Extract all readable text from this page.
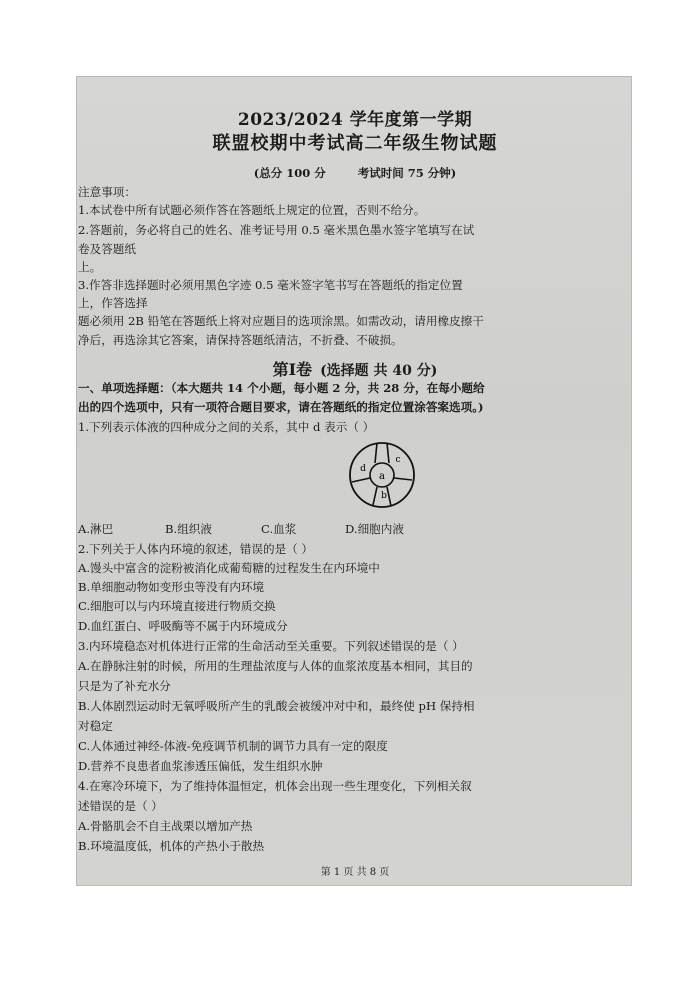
2023/2024 学年度第一学期
联盟校期中考试高二年级生物试题
(总分 100 分	考试时间 75 分钟)
注意事项：
1.本试卷中所有试题必须作答在答题纸上规定的位置，否则不给分。
2.答题前，务必将自己的姓名、准考证号用 0.5 毫米黑色墨水签字笔填写在试
卷及答题纸
上。
3.作答非选择题时必须用黑色字迹 0.5 毫米签字笔书写在答题纸的指定位置
上，作答选择
题必须用 2B 铅笔在答题纸上将对应题目的选项涂黑。如需改动，请用橡皮擦干
净后，再选涂其它答案，请保持答题纸清洁，不折叠、不破损。
第Ⅰ卷 (选择题 共 40 分)
一、单项选择题：（本大题共 14 个小题，每小题 2 分，共 28 分，在每小题给
出的四个选项中，只有一项符合题目要求，请在答题纸的指定位置涂答案选项。)
1.下列表示体液的四种成分之间的关系，其中 d 表示（ ）
a
b
c
d
A.淋巴	B.组织液	C.血浆	D.细胞内液
2.下列关于人体内环境的叙述，错误的是（ ）
A.馒头中富含的淀粉被消化成葡萄糖的过程发生在内环境中
B.单细胞动物如变形虫等没有内环境
C.细胞可以与内环境直接进行物质交换
D.血红蛋白、呼吸酶等不属于内环境成分
3.内环境稳态对机体进行正常的生命活动至关重要。下列叙述错误的是（ ）
A.在静脉注射的时候，所用的生理盐浓度与人体的血浆浓度基本相同，其目的
只是为了补充水分
B.人体剧烈运动时无氧呼吸所产生的乳酸会被缓冲对中和，最终使 pH 保持相
对稳定
C.人体通过神经-体液-免疫调节机制的调节力具有一定的限度
D.营养不良患者血浆渗透压偏低，发生组织水肿
4.在寒冷环境下，为了维持体温恒定，机体会出现一些生理变化，下列相关叙
述错误的是（ ）
A.骨骼肌会不自主战栗以增加产热
B.环境温度低，机体的产热小于散热
第 1 页 共 8 页
